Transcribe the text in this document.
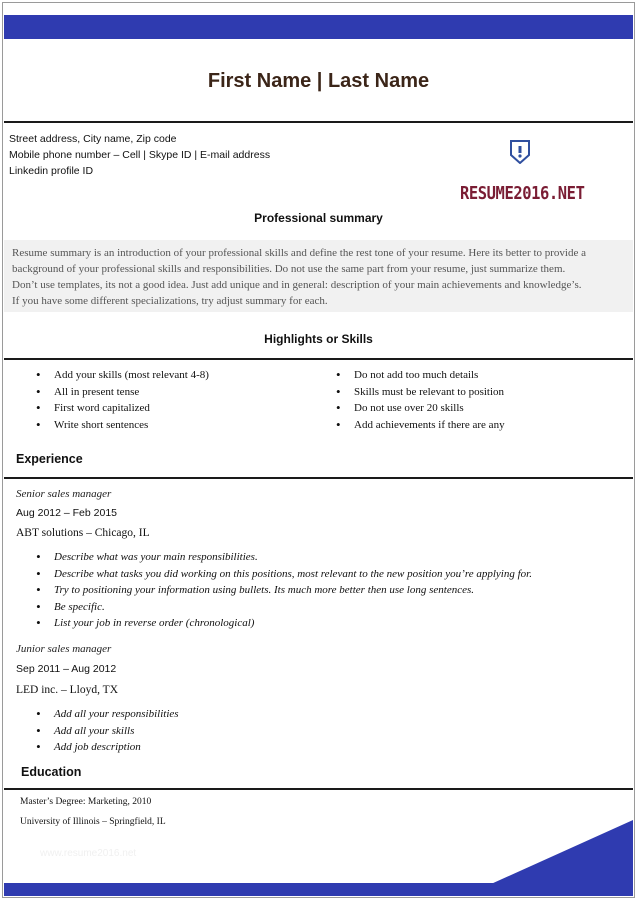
First Name | Last Name
Street address, City name, Zip code
Mobile phone number – Cell | Skype ID | E-mail address
Linkedin profile ID
RESUME2016.NET
Professional summary
Resume summary is an introduction of your professional skills and define the rest tone of your resume. Here its better to provide a
background of your professional skills and responsibilities. Do not use the same part from your resume, just summarize them.
Don’t use templates, its not a good idea. Just add unique and in general: description of your main achievements and knowledge’s.
If you have some different specializations, try adjust summary for each.
Highlights or Skills
• Add your skills (most relevant 4-8)
• All in present tense
• First word capitalized
• Write short sentences
• Do not add too much details
• Skills must be relevant to position
• Do not use over 20 skills
• Add achievements if there are any
Experience
Senior sales manager
Aug 2012 – Feb 2015
ABT solutions – Chicago, IL
• Describe what was your main responsibilities.
• Describe what tasks you did working on this positions, most relevant to the new position you’re applying for.
• Try to positioning your information using bullets. Its much more better then use long sentences.
• Be specific.
• List your job in reverse order (chronological)
Junior sales manager
Sep 2011 – Aug 2012
LED inc. – Lloyd, TX
• Add all your responsibilities
• Add all your skills
• Add job description
Education
Master’s Degree: Marketing, 2010
University of Illinois – Springfield, IL
www.resume2016.net
